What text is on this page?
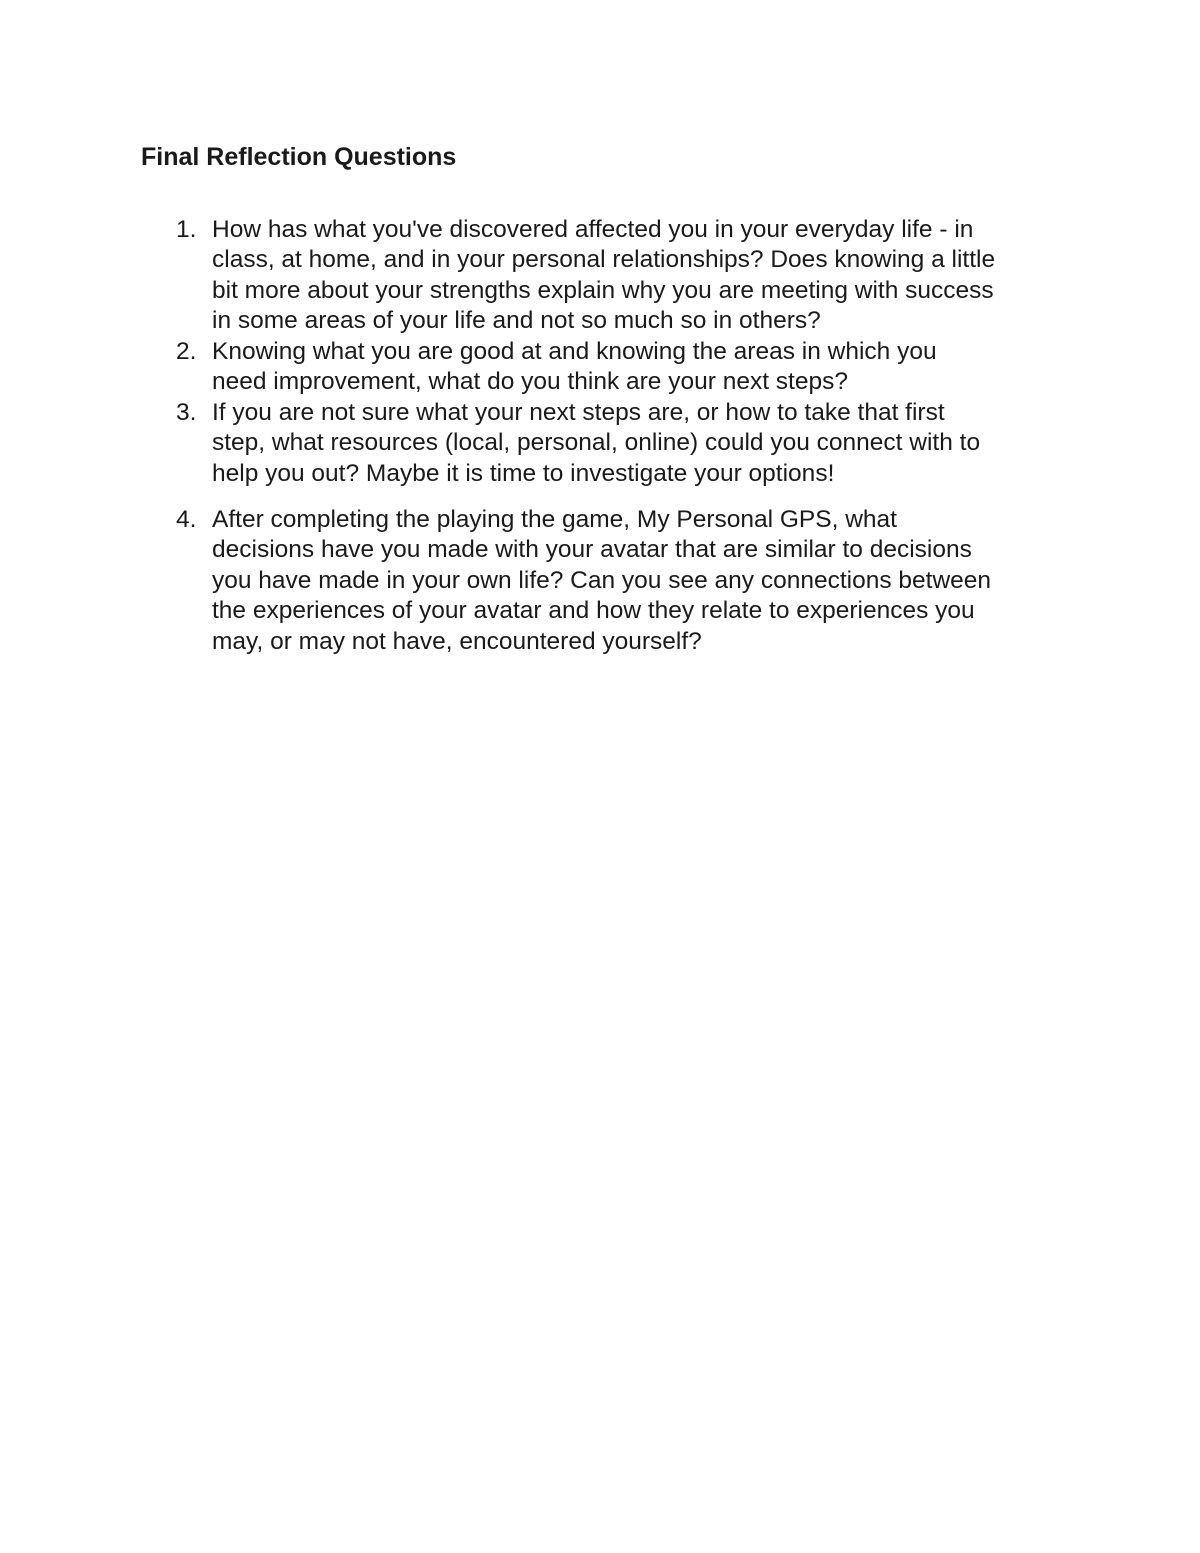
Final Reflection Questions
1. How has what you've discovered affected you in your everyday life - in
class, at home, and in your personal relationships? Does knowing a little
bit more about your strengths explain why you are meeting with success
in some areas of your life and not so much so in others?
2. Knowing what you are good at and knowing the areas in which you
need improvement, what do you think are your next steps?
3. If you are not sure what your next steps are, or how to take that first
step, what resources (local, personal, online) could you connect with to
help you out? Maybe it is time to investigate your options!
4. After completing the playing the game, My Personal GPS, what
decisions have you made with your avatar that are similar to decisions
you have made in your own life? Can you see any connections between
the experiences of your avatar and how they relate to experiences you
may, or may not have, encountered yourself?
